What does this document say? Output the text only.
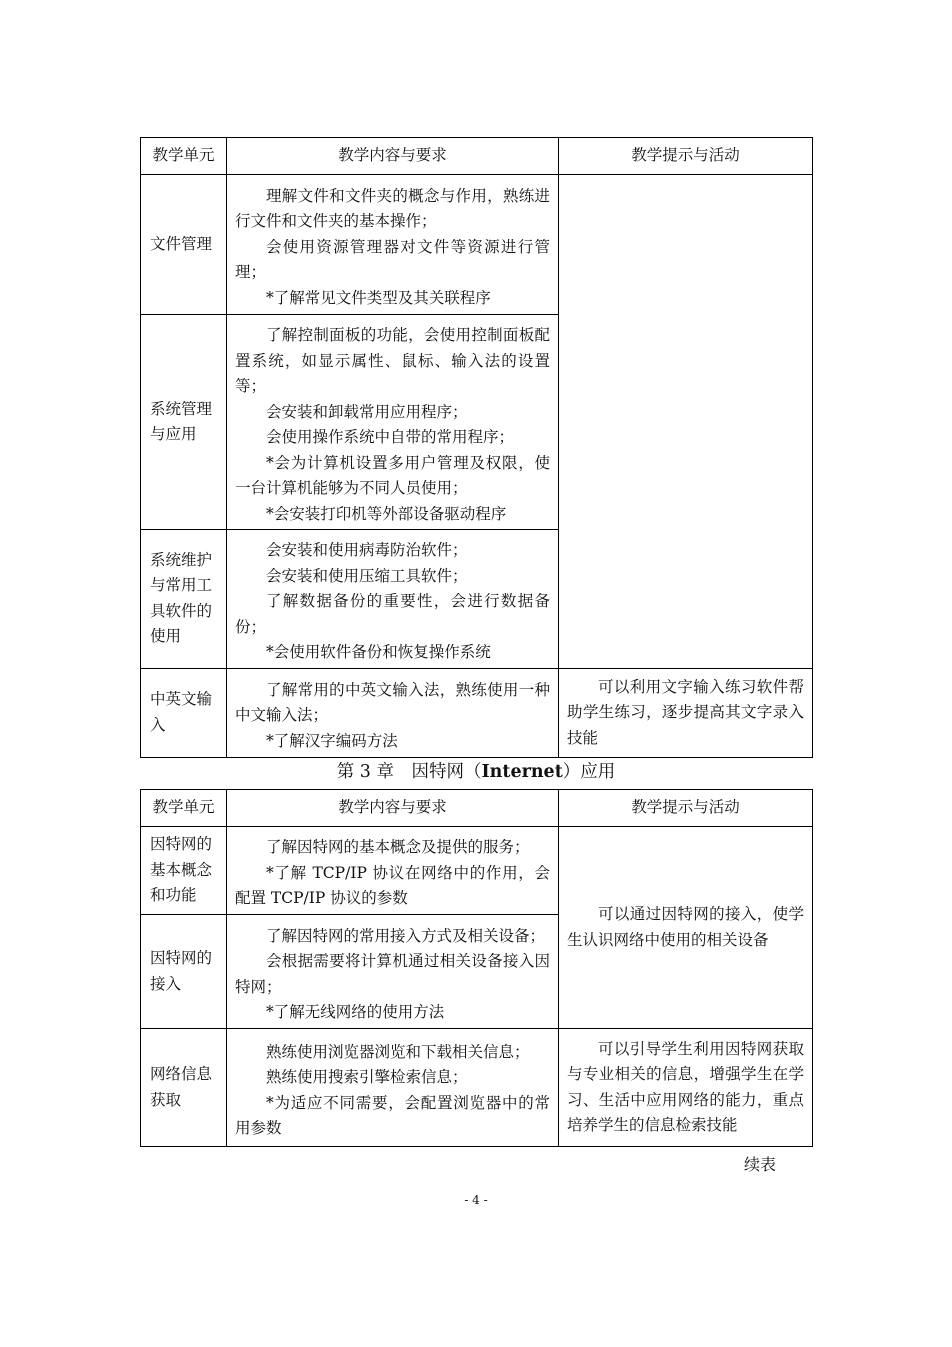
教学单元	教学内容与要求	教学提示与活动
文件管理	理解文件和文件夹的概念与作用，熟练进行文件和文件夹的基本操作；
会使用资源管理器对文件等资源进行管理；
*了解常见文件类型及其关联程序	

系统管理与应用	了解控制面板的功能，会使用控制面板配置系统，如显示属性、鼠标、输入法的设置等；
会安装和卸载常用应用程序；
会使用操作系统中自带的常用程序；
*会为计算机设置多用户管理及权限，使一台计算机能够为不同人员使用；
*会安装打印机等外部设备驱动程序	

系统维护与常用工具软件的使用	会安装和使用病毒防治软件；
会安装和使用压缩工具软件；
了解数据备份的重要性，会进行数据备份；
*会使用软件备份和恢复操作系统	

中英文输入	了解常用的中英文输入法，熟练使用一种中文输入法；
*了解汉字编码方法	可以利用文字输入练习软件帮助学生练习，逐步提高其文字录入技能
第 3 章　因特网（Internet）应用
教学单元	教学内容与要求	教学提示与活动
因特网的基本概念和功能	了解因特网的基本概念及提供的服务；
*了解 TCP/IP 协议在网络中的作用，会配置 TCP/IP 协议的参数	可以通过因特网的接入，使学生认识网络中使用的相关设备
因特网的接入	了解因特网的常用接入方式及相关设备；
会根据需要将计算机通过相关设备接入因特网；
*了解无线网络的使用方法	

网络信息获取	熟练使用浏览器浏览和下载相关信息；
熟练使用搜索引擎检索信息；
*为适应不同需要，会配置浏览器中的常用参数	可以引导学生利用因特网获取与专业相关的信息，增强学生在学习、生活中应用网络的能力，重点培养学生的信息检索技能
续表
- 4 -
